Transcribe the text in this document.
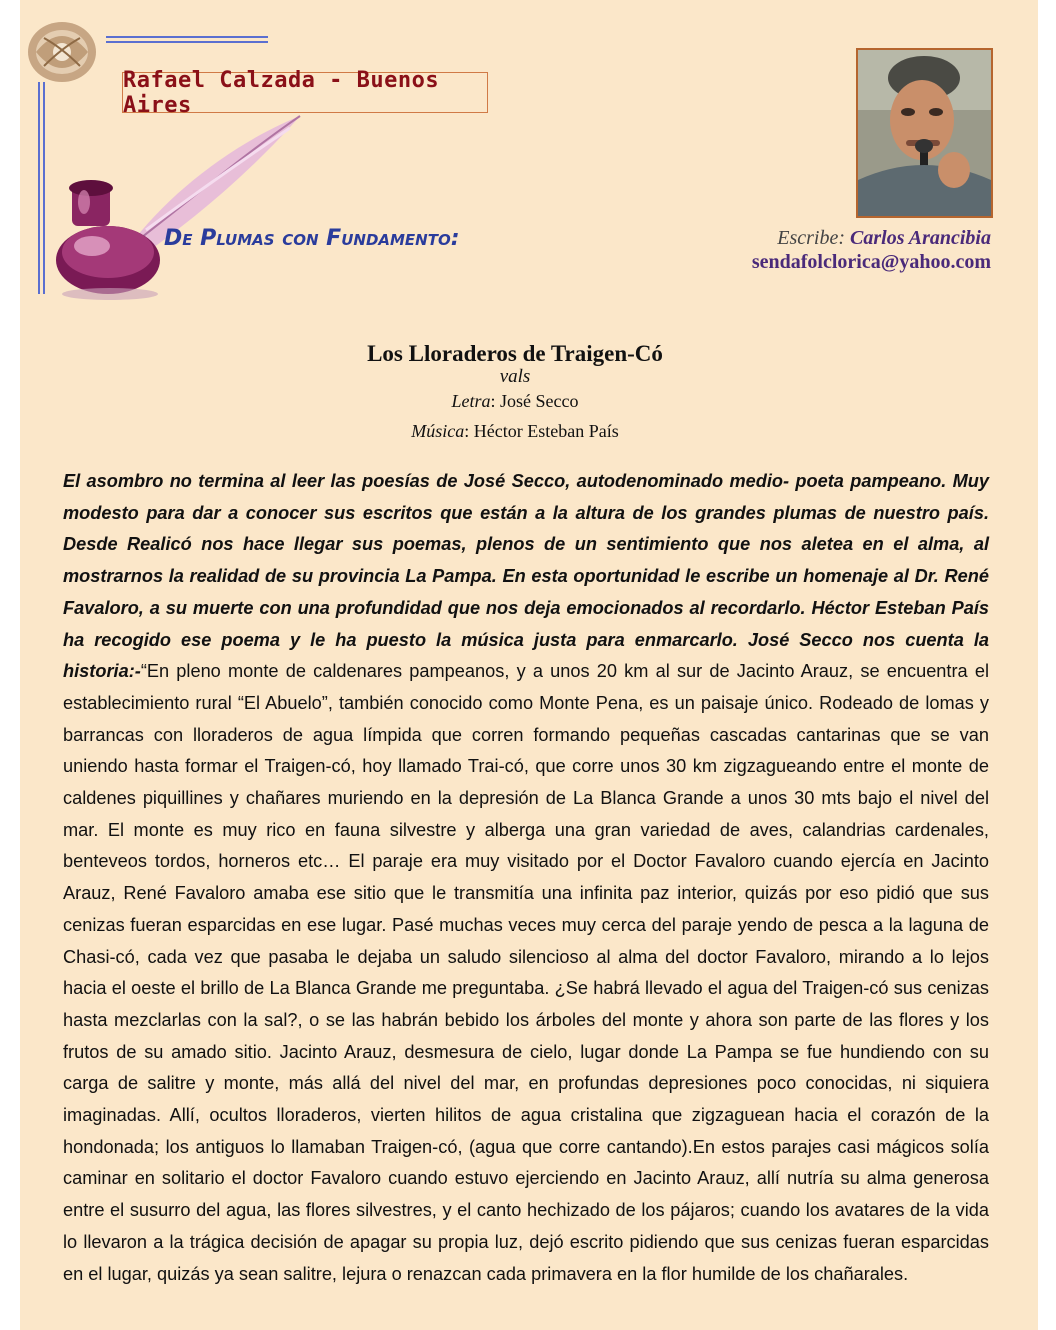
Rafael Calzada - Buenos Aires
De Plumas con Fundamento:	Escribe: Carlos Arancibia
sendafolclorica@yahoo.com
Los Lloraderos de Traigen-Có
vals
Letra: José Secco
Música: Héctor Esteban País
El asombro no termina al leer las poesías de José Secco, autodenominado medio- poeta pampeano. Muy modesto para dar a conocer sus escritos que están a la altura de los grandes plumas de nuestro país. Desde Realicó nos hace llegar sus poemas, plenos de un sentimiento que nos aletea en el alma, al mostrarnos la realidad de su provincia La Pampa. En esta oportunidad le escribe un homenaje al Dr. René Favaloro, a su muerte con una profundidad que nos deja emocionados al recordarlo. Héctor Esteban País ha recogido ese poema y le ha puesto la música justa para enmarcarlo. José Secco nos cuenta la historia:-“En pleno monte de caldenares pampeanos, y a unos 20 km al sur de Jacinto Arauz, se encuentra el establecimiento rural “El Abuelo”, también conocido como Monte Pena, es un paisaje único. Rodeado de lomas y barrancas con lloraderos de agua límpida que corren formando pequeñas cascadas cantarinas que se van uniendo hasta formar el Traigen-có, hoy llamado Trai-có, que corre unos 30 km zigzagueando entre el monte de caldenes piquillines y chañares muriendo en la depresión de La Blanca Grande a unos 30 mts bajo el nivel del mar. El monte es muy rico en fauna silvestre y alberga una gran variedad de aves, calandrias cardenales, benteveos tordos, horneros etc… El paraje era muy visitado por el Doctor Favaloro cuando ejercía en Jacinto Arauz, René Favaloro amaba ese sitio que le transmitía una infinita paz interior, quizás por eso pidió que sus cenizas fueran esparcidas en ese lugar. Pasé muchas veces muy cerca del paraje yendo de pesca a la laguna de Chasi-có, cada vez que pasaba le dejaba un saludo silencioso al alma del doctor Favaloro, mirando a lo lejos hacia el oeste el brillo de La Blanca Grande me preguntaba. ¿Se habrá llevado el agua del Traigen-có sus cenizas hasta mezclarlas con la sal?, o se las habrán bebido los árboles del monte y ahora son parte de las flores y los frutos de su amado sitio. Jacinto Arauz, desmesura de cielo, lugar donde La Pampa se fue hundiendo con su carga de salitre y monte, más allá del nivel del mar, en profundas depresiones poco conocidas, ni siquiera imaginadas. Allí, ocultos lloraderos, vierten hilitos de agua cristalina que zigzaguean hacia el corazón de la hondonada; los antiguos lo llamaban Traigen-có, (agua que corre cantando).En estos parajes casi mágicos solía caminar en solitario el doctor Favaloro cuando estuvo ejerciendo en Jacinto Arauz, allí nutría su alma generosa entre el susurro del agua, las flores silvestres, y el canto hechizado de los pájaros; cuando los avatares de la vida lo llevaron a la trágica decisión de apagar su propia luz, dejó escrito pidiendo que sus cenizas fueran esparcidas en el lugar, quizás ya sean salitre, lejura o renazcan cada primavera en la flor humilde de los chañarales.
